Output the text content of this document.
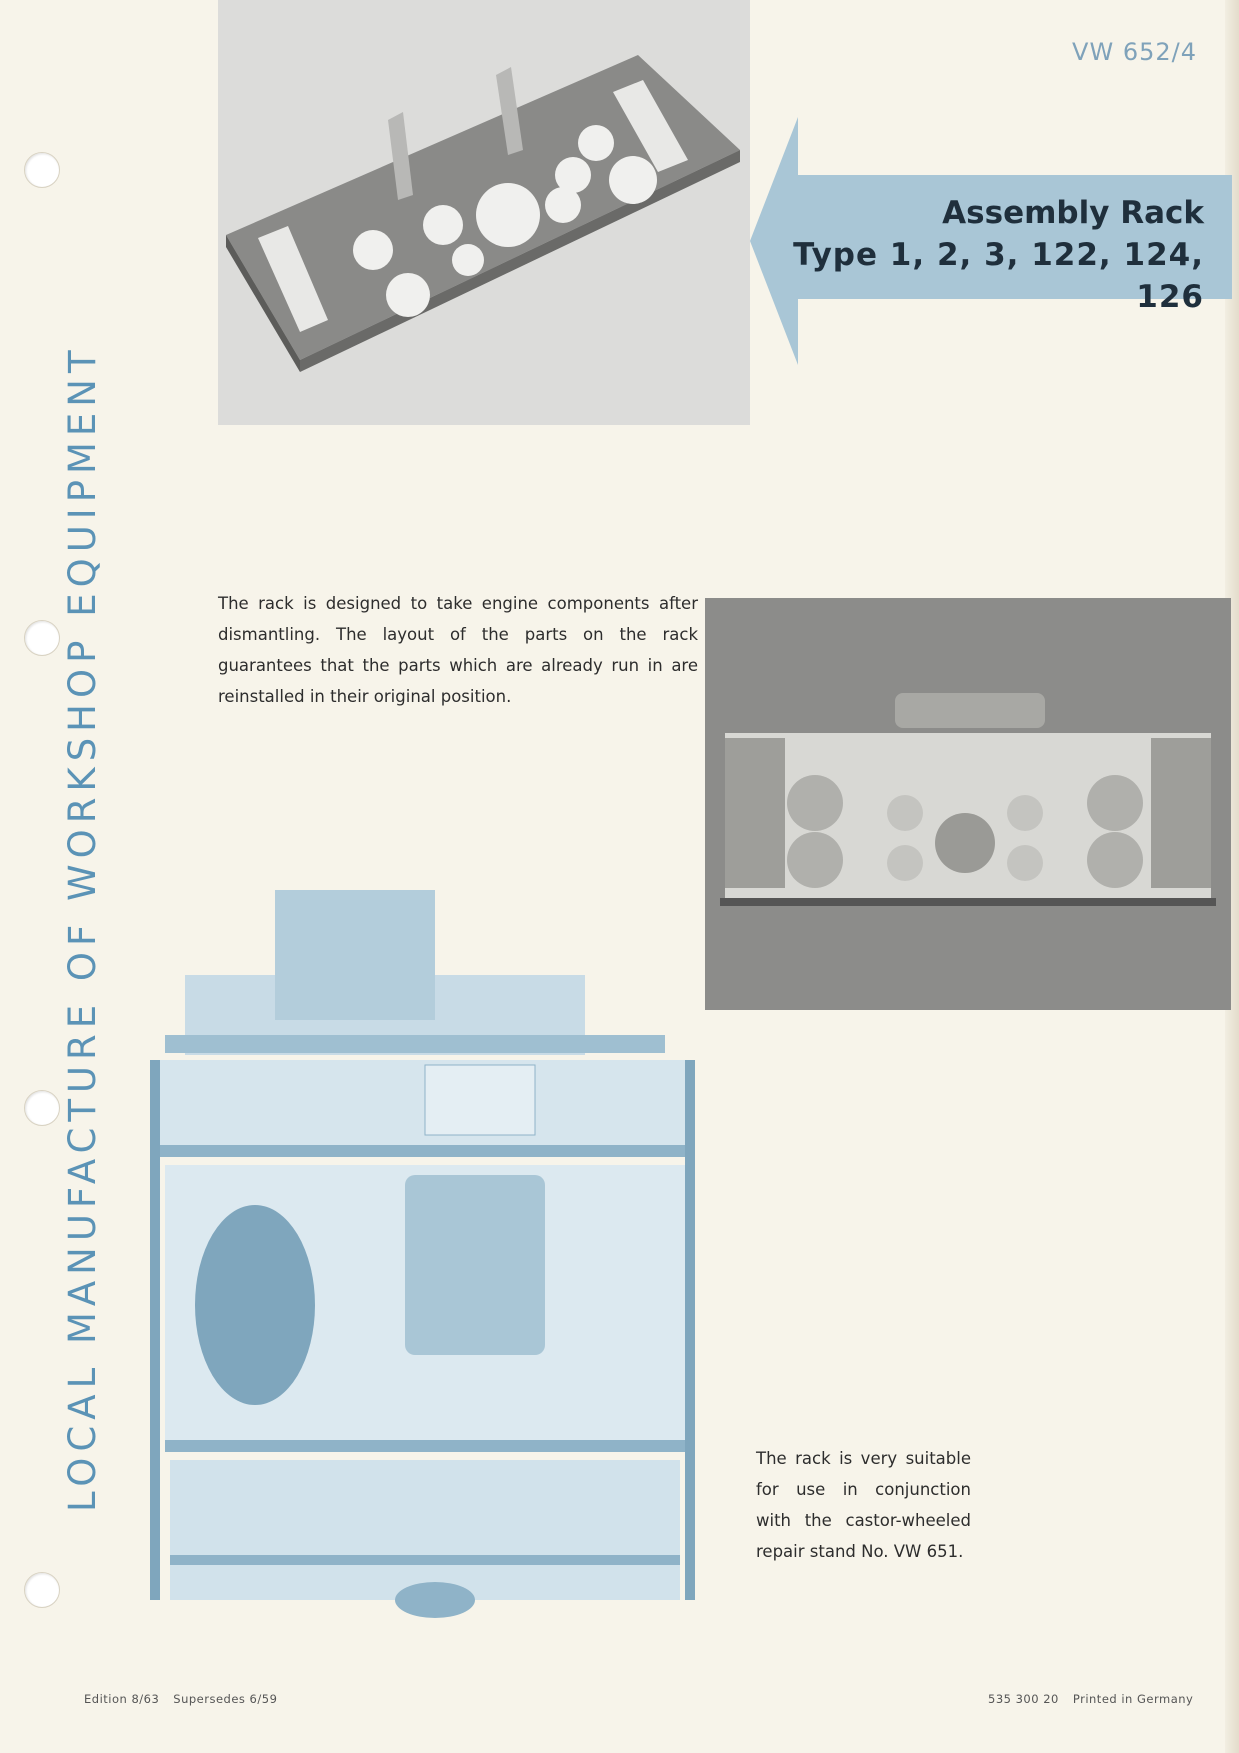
VW 652/4
LOCAL MANUFACTURE OF WORKSHOP EQUIPMENT
Assembly Rack
Type 1, 2, 3, 122, 124, 126
The rack is designed to take engine components after dismantling. The layout of the parts on the rack guarantees that the parts which are already run in are reinstalled in their original position.
The rack is very suitable for use in conjunction with the castor-wheeled repair stand No. VW 651.
Edition 8/63 Supersedes 6/59	535 300 20 Printed in Germany
